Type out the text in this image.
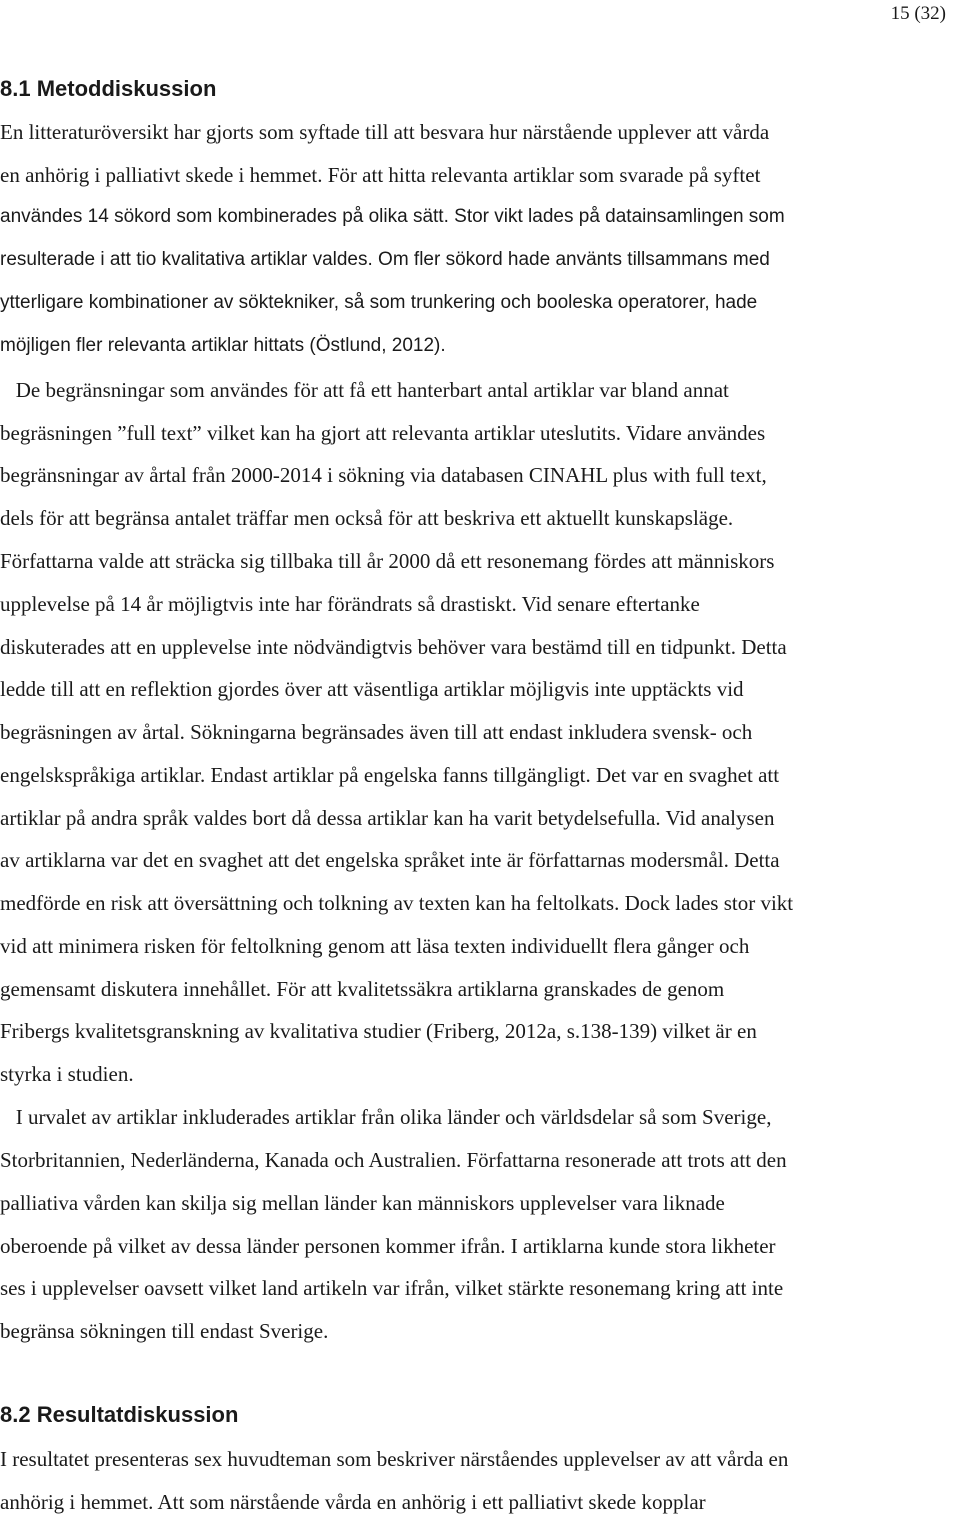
15 (32)
8.1 Metoddiskussion
8.2 Resultatdiskussion
En litteraturöversikt har gjorts som syftade till att besvara hur närstående upplever att vårda
en anhörig i palliativt skede i hemmet. För att hitta relevanta artiklar som svarade på syftet
användes 14 sökord som kombinerades på olika sätt. Stor vikt lades på datainsamlingen som
resulterade i att tio kvalitativa artiklar valdes. Om fler sökord hade använts tillsammans med
ytterligare kombinationer av söktekniker, så som trunkering och booleska operatorer, hade
möjligen fler relevanta artiklar hittats (Östlund, 2012).
De begränsningar som användes för att få ett hanterbart antal artiklar var bland annat
begräsningen ”full text” vilket kan ha gjort att relevanta artiklar uteslutits. Vidare användes
begränsningar av årtal från 2000-2014 i sökning via databasen CINAHL plus with full text,
dels för att begränsa antalet träffar men också för att beskriva ett aktuellt kunskapsläge.
Författarna valde att sträcka sig tillbaka till år 2000 då ett resonemang fördes att människors
upplevelse på 14 år möjligtvis inte har förändrats så drastiskt. Vid senare eftertanke
diskuterades att en upplevelse inte nödvändigtvis behöver vara bestämd till en tidpunkt. Detta
ledde till att en reflektion gjordes över att väsentliga artiklar möjligvis inte upptäckts vid
begräsningen av årtal. Sökningarna begränsades även till att endast inkludera svensk- och
engelskspråkiga artiklar. Endast artiklar på engelska fanns tillgängligt. Det var en svaghet att
artiklar på andra språk valdes bort då dessa artiklar kan ha varit betydelsefulla. Vid analysen
av artiklarna var det en svaghet att det engelska språket inte är författarnas modersmål. Detta
medförde en risk att översättning och tolkning av texten kan ha feltolkats. Dock lades stor vikt
vid att minimera risken för feltolkning genom att läsa texten individuellt flera gånger och
gemensamt diskutera innehållet. För att kvalitetssäkra artiklarna granskades de genom
Fribergs kvalitetsgranskning av kvalitativa studier (Friberg, 2012a, s.138-139) vilket är en
styrka i studien.
I urvalet av artiklar inkluderades artiklar från olika länder och världsdelar så som Sverige,
Storbritannien, Nederländerna, Kanada och Australien. Författarna resonerade att trots att den
palliativa vården kan skilja sig mellan länder kan människors upplevelser vara liknade
oberoende på vilket av dessa länder personen kommer ifrån. I artiklarna kunde stora likheter
ses i upplevelser oavsett vilket land artikeln var ifrån, vilket stärkte resonemang kring att inte
begränsa sökningen till endast Sverige.
I resultatet presenteras sex huvudteman som beskriver närståendes upplevelser av att vårda en
anhörig i hemmet. Att som närstående vårda en anhörig i ett palliativt skede kopplar
